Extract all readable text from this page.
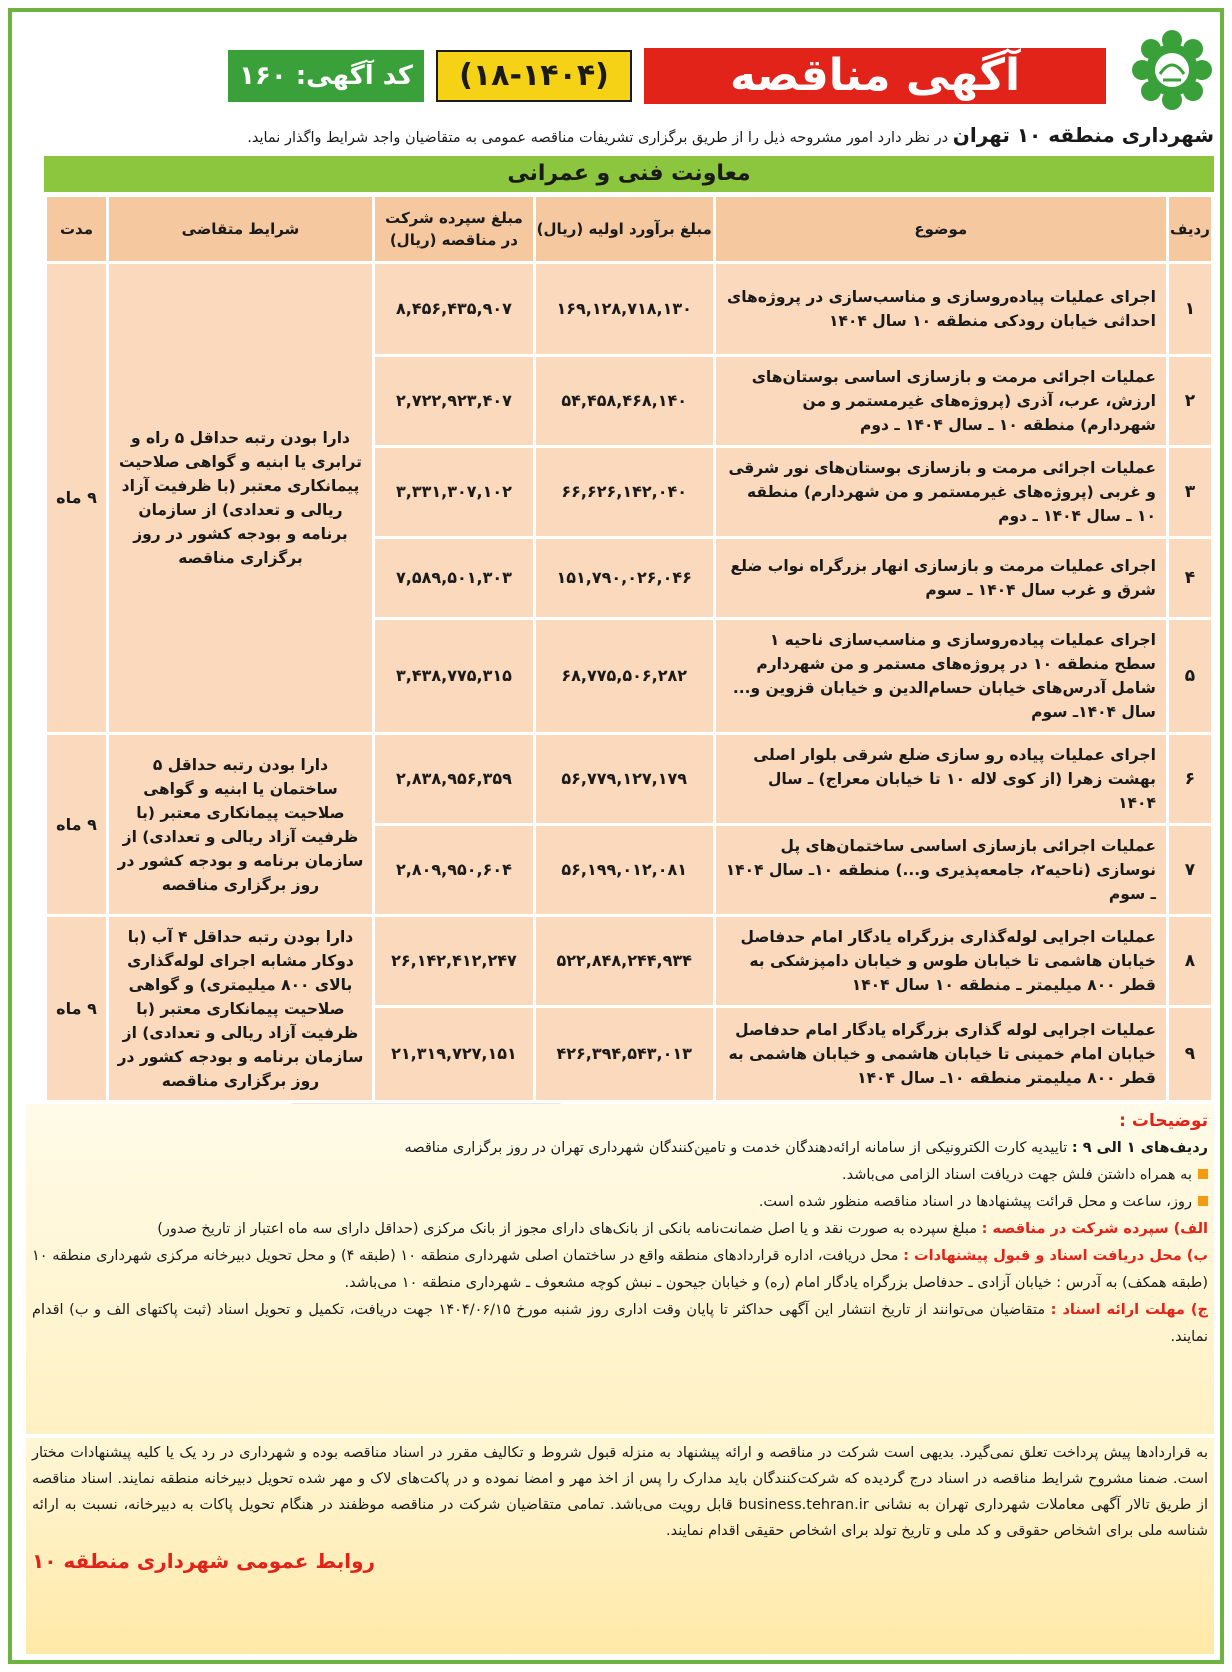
آگهی مناقصه
(۱۸-۱۴۰۴)
کد آگهی: ۱۶۰
شهرداری منطقه ۱۰ تهران در نظر دارد امور مشروحه ذیل را از طریق برگزاری تشریفات مناقصه عمومی به متقاضیان واجد شرایط واگذار نماید.
معاونت فنی و عمرانی
ردیف	موضوع	مبلغ برآورد اولیه (ریال)	مبلغ سپرده شرکت در مناقصه (ریال)	شرایط متقاضی	مدت
۱	اجرای عملیات پیاده‌روسازی و مناسب‌سازی در پروژه‌های احداثی خیابان رودکی منطقه ۱۰ سال ۱۴۰۴	۱۶۹,۱۲۸,۷۱۸,۱۳۰	۸,۴۵۶,۴۳۵,۹۰۷	دارا بودن رتبه حداقل ۵ راه و ترابری یا ابنیه و گواهی صلاحیت پیمانکاری معتبر (با ظرفیت آزاد ریالی و تعدادی) از سازمان برنامه و بودجه کشور در روز برگزاری مناقصه	۹ ماه
۲	عملیات اجرائی مرمت و بازسازی اساسی بوستان‌های ارزش، عرب، آذری (پروژه‌های غیرمستمر و من شهردارم) منطقه ۱۰ ـ سال ۱۴۰۴ ـ دوم	۵۴,۴۵۸,۴۶۸,۱۴۰	۲,۷۲۲,۹۲۳,۴۰۷		
۳	عملیات اجرائی مرمت و بازسازی بوستان‌های نور شرقی و غربی (پروژه‌های غیرمستمر و من شهردارم) منطقه ۱۰ ـ سال ۱۴۰۴ ـ دوم	۶۶,۶۲۶,۱۴۲,۰۴۰	۳,۳۳۱,۳۰۷,۱۰۲		
۴	اجرای عملیات مرمت و بازسازی انهار بزرگراه نواب ضلع شرق و غرب سال ۱۴۰۴ ـ سوم	۱۵۱,۷۹۰,۰۲۶,۰۴۶	۷,۵۸۹,۵۰۱,۳۰۳		
۵	اجرای عملیات پیاده‌روسازی و مناسب‌سازی ناحیه ۱ سطح منطقه ۱۰ در پروژه‌های مستمر و من شهردارم شامل آدرس‌های خیابان حسام‌الدین و خیابان قزوین و... سال ۱۴۰۴ـ سوم	۶۸,۷۷۵,۵۰۶,۲۸۲	۳,۴۳۸,۷۷۵,۳۱۵		
۶	اجرای عملیات پیاده رو سازی ضلع شرقی بلوار اصلی بهشت زهرا (از کوی لاله ۱۰ تا خیابان معراج) ـ سال ۱۴۰۴	۵۶,۷۷۹,۱۲۷,۱۷۹	۲,۸۳۸,۹۵۶,۳۵۹	دارا بودن رتبه حداقل ۵ ساختمان یا ابنیه و گواهی صلاحیت پیمانکاری معتبر (با ظرفیت آزاد ریالی و تعدادی) از سازمان برنامه و بودجه کشور در روز برگزاری مناقصه	۹ ماه
۷	عملیات اجرائی بازسازی اساسی ساختمان‌های پل نوسازی (ناحیه۲، جامعه‌پذیری و...) منطقه ۱۰ـ سال ۱۴۰۴ ـ سوم	۵۶,۱۹۹,۰۱۲,۰۸۱	۲,۸۰۹,۹۵۰,۶۰۴		
۸	عملیات اجرایی لوله‌گذاری بزرگراه یادگار امام حدفاصل خیابان هاشمی تا خیابان طوس و خیابان دامپزشکی به قطر ۸۰۰ میلیمتر ـ منطقه ۱۰ سال ۱۴۰۴	۵۲۲,۸۴۸,۲۴۴,۹۳۴	۲۶,۱۴۲,۴۱۲,۲۴۷	دارا بودن رتبه حداقل ۴ آب (با دوکار مشابه اجرای لوله‌گذاری بالای ۸۰۰ میلیمتری) و گواهی صلاحیت پیمانکاری معتبر (با ظرفیت آزاد ریالی و تعدادی) از سازمان برنامه و بودجه کشور در روز برگزاری مناقصه	۹ ماه
۹	عملیات اجرایی لوله گذاری بزرگراه یادگار امام حدفاصل خیابان امام خمینی تا خیابان هاشمی و خیابان هاشمی به قطر ۸۰۰ میلیمتر منطقه ۱۰ـ سال ۱۴۰۴	۴۲۶,۳۹۴,۵۴۳,۰۱۳	۲۱,۳۱۹,۷۲۷,۱۵۱		
توضیحات :
ردیف‌های ۱ الی ۹ : تاییدیه کارت الکترونیکی از سامانه ارائه‌دهندگان خدمت و تامین‌کنندگان شهرداری تهران در روز برگزاری مناقصه
به همراه داشتن فلش جهت دریافت اسناد الزامی می‌باشد.
روز، ساعت و محل قرائت پیشنهادها در اسناد مناقصه منظور شده است.
الف) سپرده شرکت در مناقصه : مبلغ سپرده به صورت نقد و یا اصل ضمانت‌نامه بانکی از بانک‌های دارای مجوز از بانک مرکزی (حداقل دارای سه ماه اعتبار از تاریخ صدور)
ب) محل دریافت اسناد و قبول پیشنهادات : محل دریافت، اداره قراردادهای منطقه واقع در ساختمان اصلی شهرداری منطقه ۱۰ (طبقه ۴) و محل تحویل دبیرخانه مرکزی شهرداری منطقه ۱۰ (طبقه همکف) به آدرس : خیابان آزادی ـ حدفاصل بزرگراه یادگار امام (ره) و خیابان جیحون ـ نبش کوچه مشعوف ـ شهرداری منطقه ۱۰ می‌باشد.
ج) مهلت ارائه اسناد : متقاضیان می‌توانند از تاریخ انتشار این آگهی حداکثر تا پایان وقت اداری روز شنبه مورخ ۱۴۰۴/۰۶/۱۵ جهت دریافت، تکمیل و تحویل اسناد (ثبت پاکتهای الف و ب) اقدام نمایند.
به قراردادها پیش پرداخت تعلق نمی‌گیرد. بدیهی است شرکت در مناقصه و ارائه پیشنهاد به منزله قبول شروط و تکالیف مقرر در اسناد مناقصه بوده و شهرداری در رد یک یا کلیه پیشنهادات مختار است. ضمنا مشروح شرایط مناقصه در اسناد درج گردیده که شرکت‌کنندگان باید مدارک را پس از اخذ مهر و امضا نموده و در پاکت‌های لاک و مهر شده تحویل دبیرخانه منطقه نمایند. اسناد مناقصه از طریق تالار آگهی معاملات شهرداری تهران به نشانی business.tehran.ir قابل رویت می‌باشد. تمامی متقاضیان شرکت در مناقصه موظفند در هنگام تحویل پاکات به دبیرخانه، نسبت به ارائه شناسه ملی برای اشخاص حقوقی و کد ملی و تاریخ تولد برای اشخاص حقیقی اقدام نمایند.
روابط عمومی شهرداری منطقه ۱۰
